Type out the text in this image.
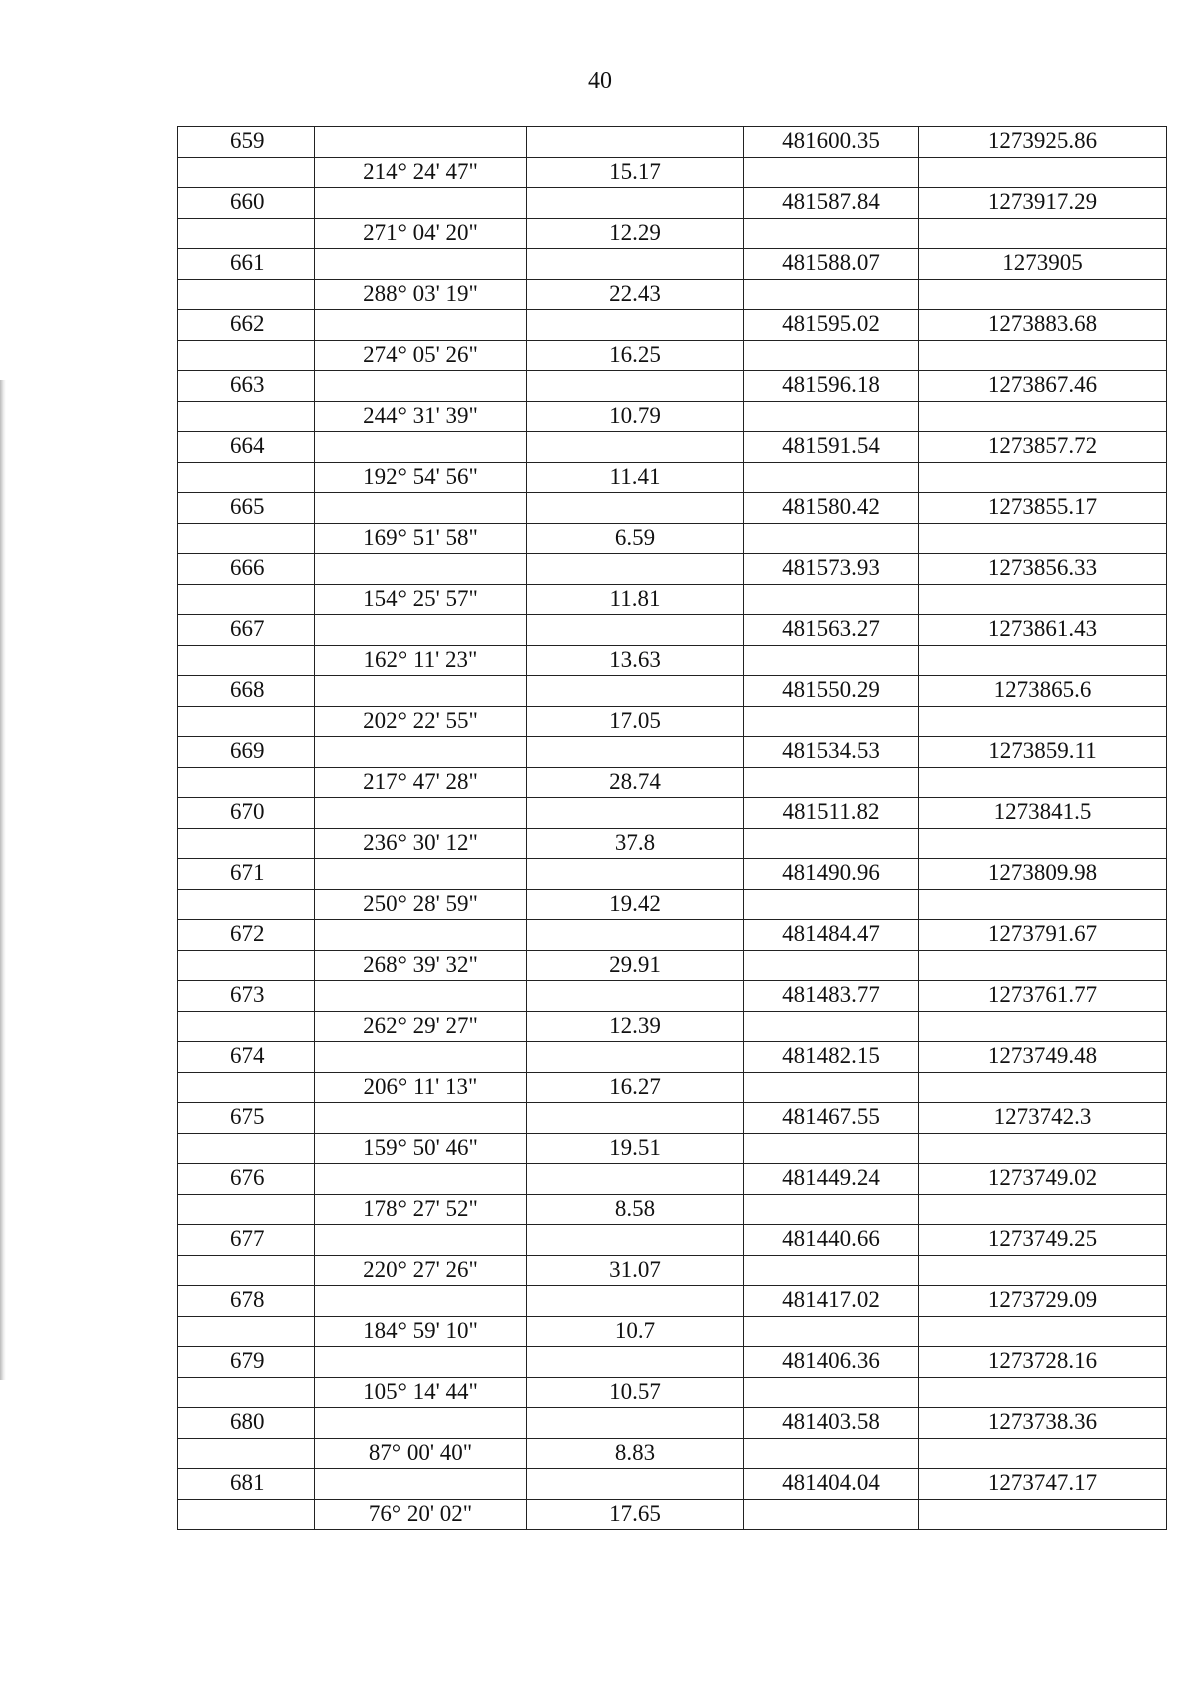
40
659			481600.35	1273925.86
	214° 24' 47"	15.17		
660			481587.84	1273917.29
	271° 04' 20"	12.29		
661			481588.07	1273905
	288° 03' 19"	22.43		
662			481595.02	1273883.68
	274° 05' 26"	16.25		
663			481596.18	1273867.46
	244° 31' 39"	10.79		
664			481591.54	1273857.72
	192° 54' 56"	11.41		
665			481580.42	1273855.17
	169° 51' 58"	6.59		
666			481573.93	1273856.33
	154° 25' 57"	11.81		
667			481563.27	1273861.43
	162° 11' 23"	13.63		
668			481550.29	1273865.6
	202° 22' 55"	17.05		
669			481534.53	1273859.11
	217° 47' 28"	28.74		
670			481511.82	1273841.5
	236° 30' 12"	37.8		
671			481490.96	1273809.98
	250° 28' 59"	19.42		
672			481484.47	1273791.67
	268° 39' 32"	29.91		
673			481483.77	1273761.77
	262° 29' 27"	12.39		
674			481482.15	1273749.48
	206° 11' 13"	16.27		
675			481467.55	1273742.3
	159° 50' 46"	19.51		
676			481449.24	1273749.02
	178° 27' 52"	8.58		
677			481440.66	1273749.25
	220° 27' 26"	31.07		
678			481417.02	1273729.09
	184° 59' 10"	10.7		
679			481406.36	1273728.16
	105° 14' 44"	10.57		
680			481403.58	1273738.36
	87° 00' 40"	8.83		
681			481404.04	1273747.17
	76° 20' 02"	17.65		
